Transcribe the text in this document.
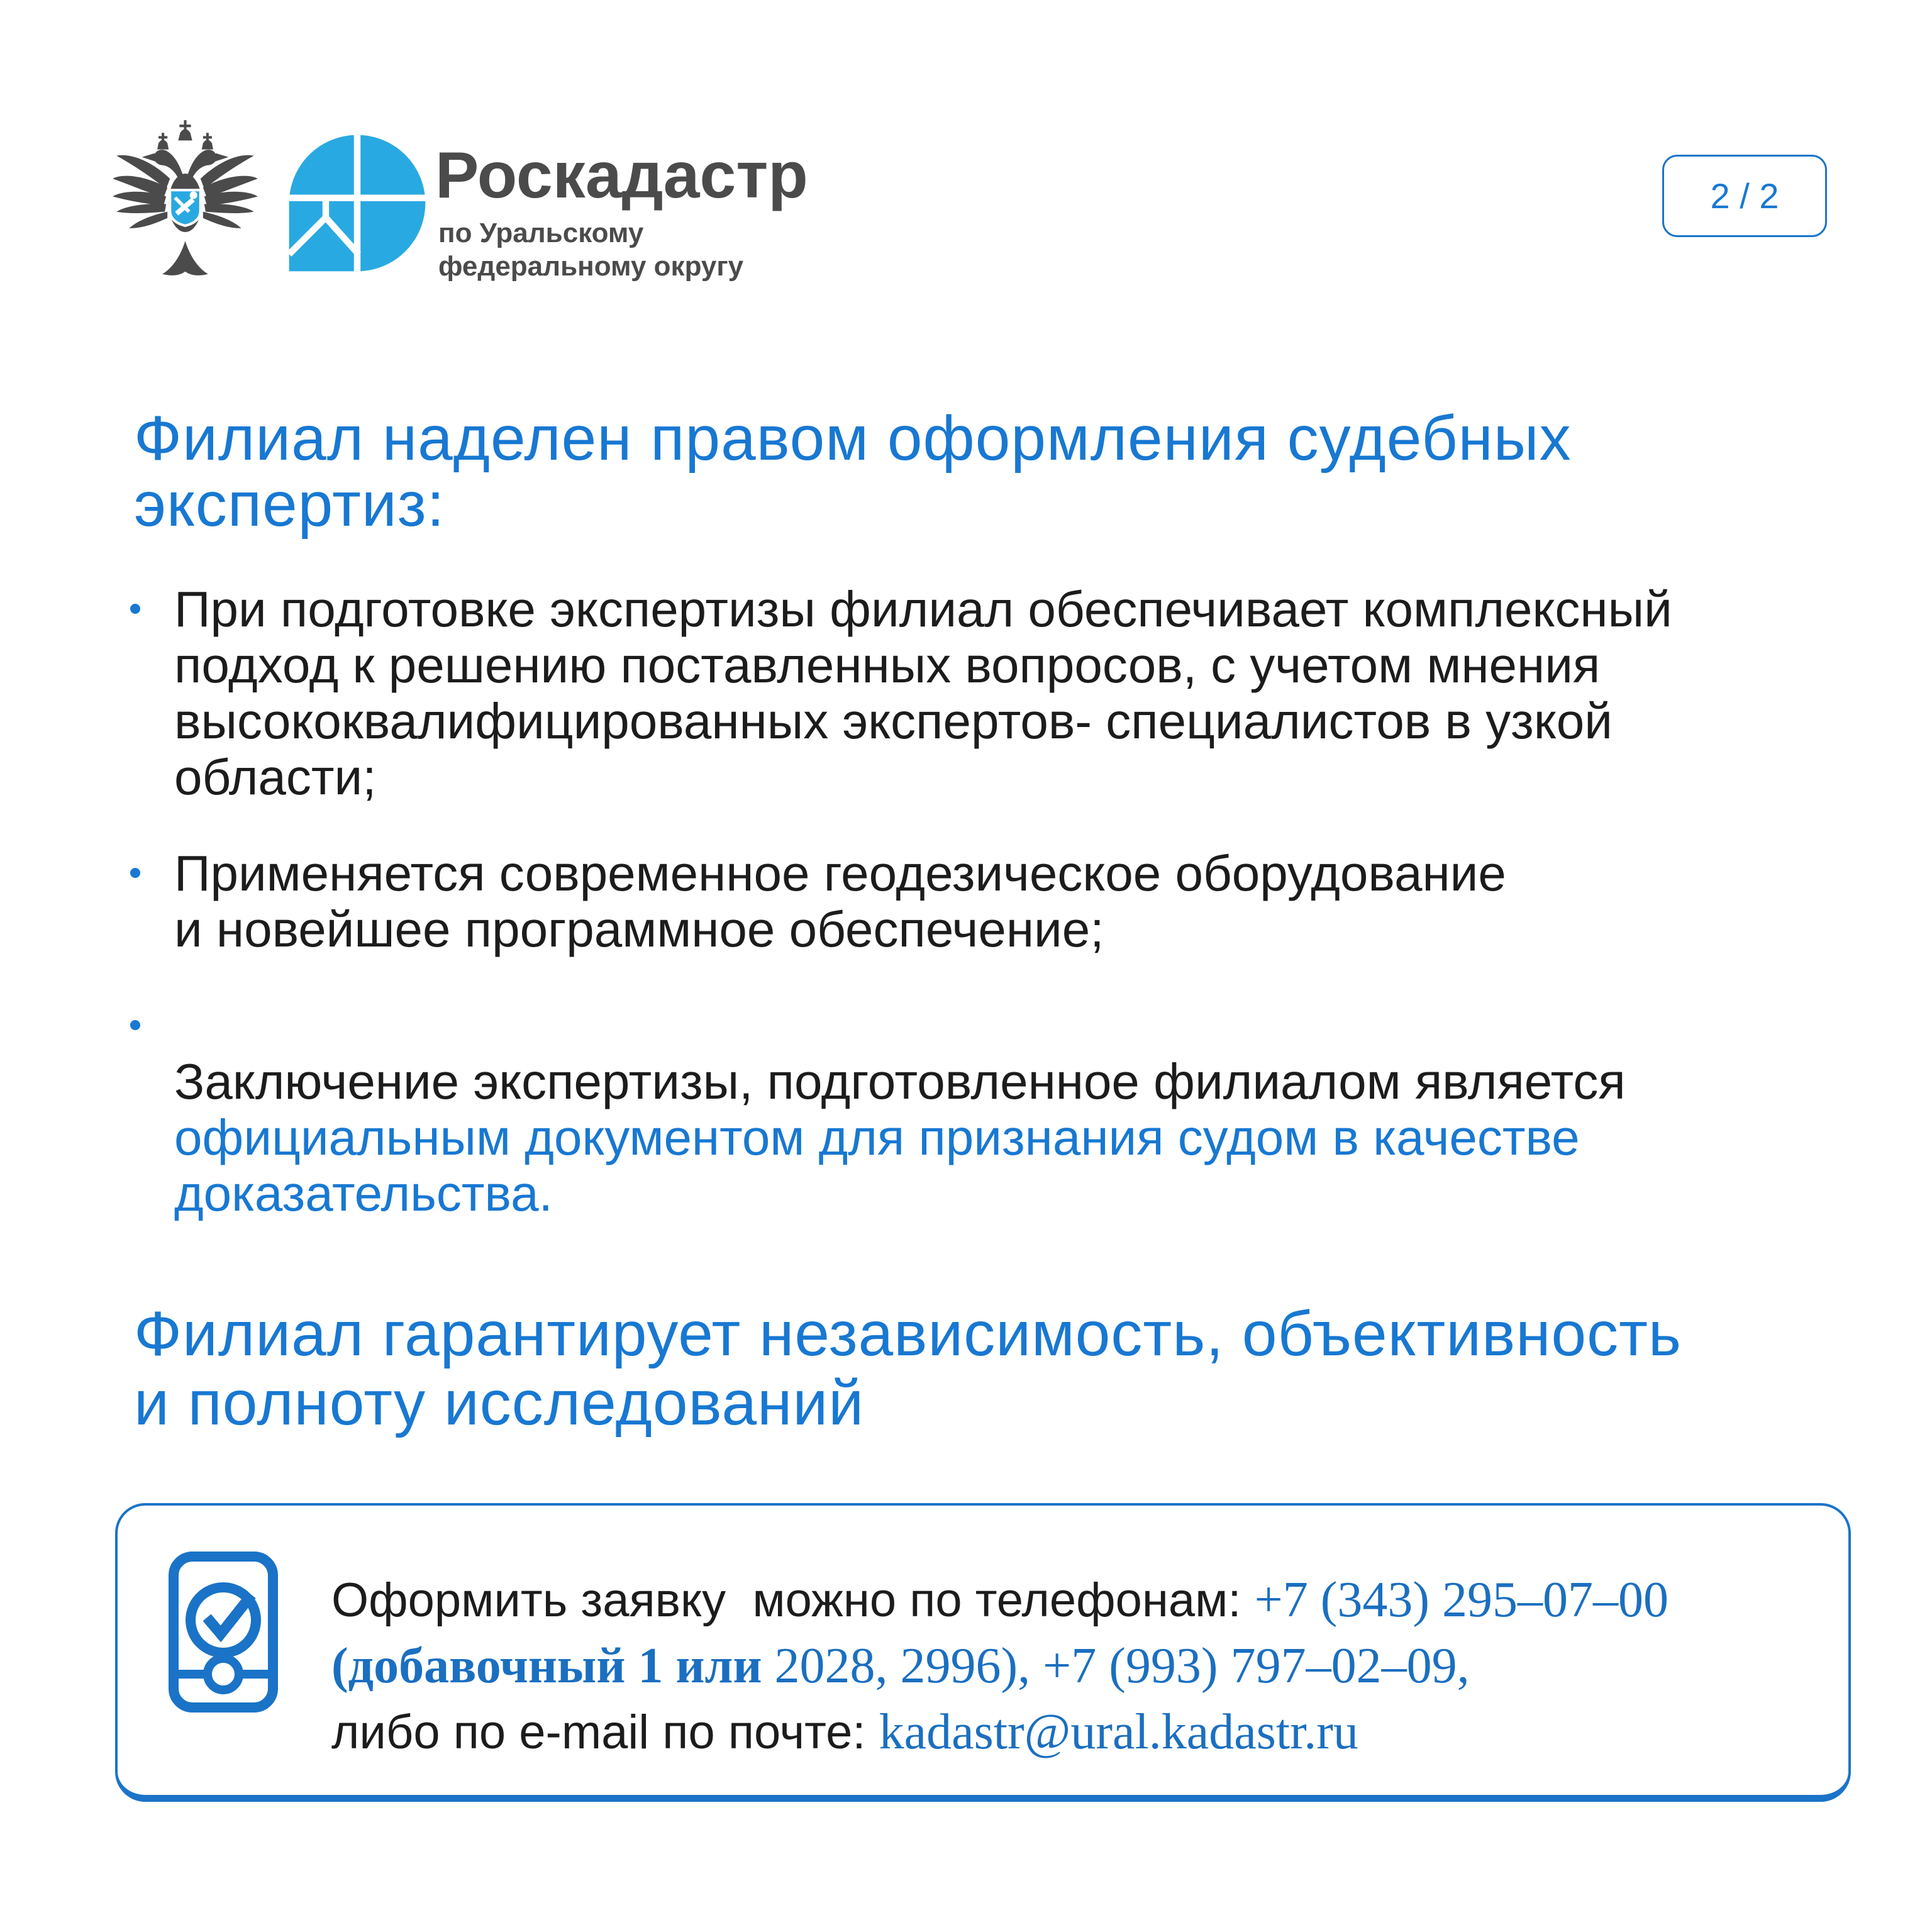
Роскадастр
по Уральскому
федеральному округу
2 / 2
Филиал наделен правом оформления судебных
экспертиз:
При подготовке экспертизы филиал обеспечивает комплексный
подход к решению поставленных вопросов, с учетом мнения
высококвалифицированных экспертов- специалистов в узкой
области;
Применяется современное геодезическое оборудование
и новейшее программное обеспечение;

Заключение экспертизы, подготовленное филиалом является
официальным документом для признания судом в качестве
доказательства.

Филиал гарантирует независимость, объективность
и полноту исследований
Оформить заявку  можно по телефонам: +7 (343) 295–07–00
(добавочный 1 или 2028, 2996), +7 (993) 797–02–09,
либо по e-mail по почте: kadastr@ural.kadastr.ru
